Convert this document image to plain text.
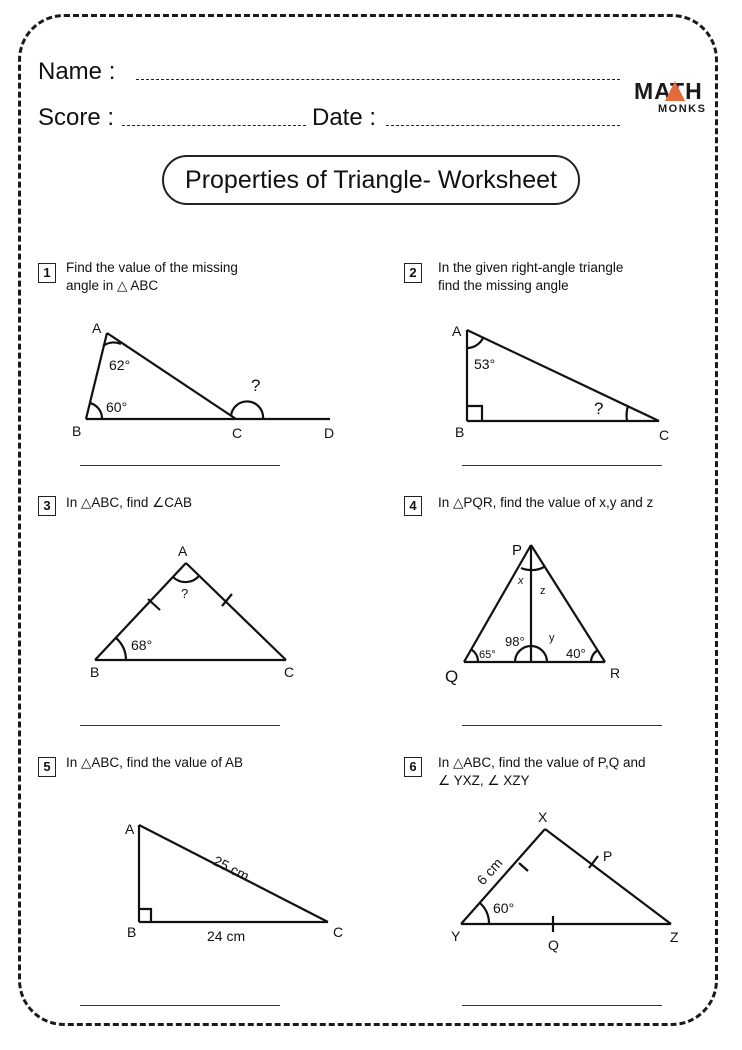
Name :
Score :	Date :
MATH
MONKS
Properties of Triangle- Worksheet
1	Find the value of the missing
angle in △ ABC
A
B	C	D
62°
60°
?
2	In the given right-angle triangle
find the missing angle
A
B	C
53°
?
3	In △ABC, find ∠CAB
A
B	C
68°
?
4	In △PQR, find the value of x,y and z
P
Q	R
x
z
y
65°
98°
40°
5	In △ABC, find the value of AB
A
B	C
25 cm
24 cm
6	In △ABC, find the value of P,Q and
∠ YXZ, ∠ XZY
X
Y	Z
P
Q
6 cm
60°
